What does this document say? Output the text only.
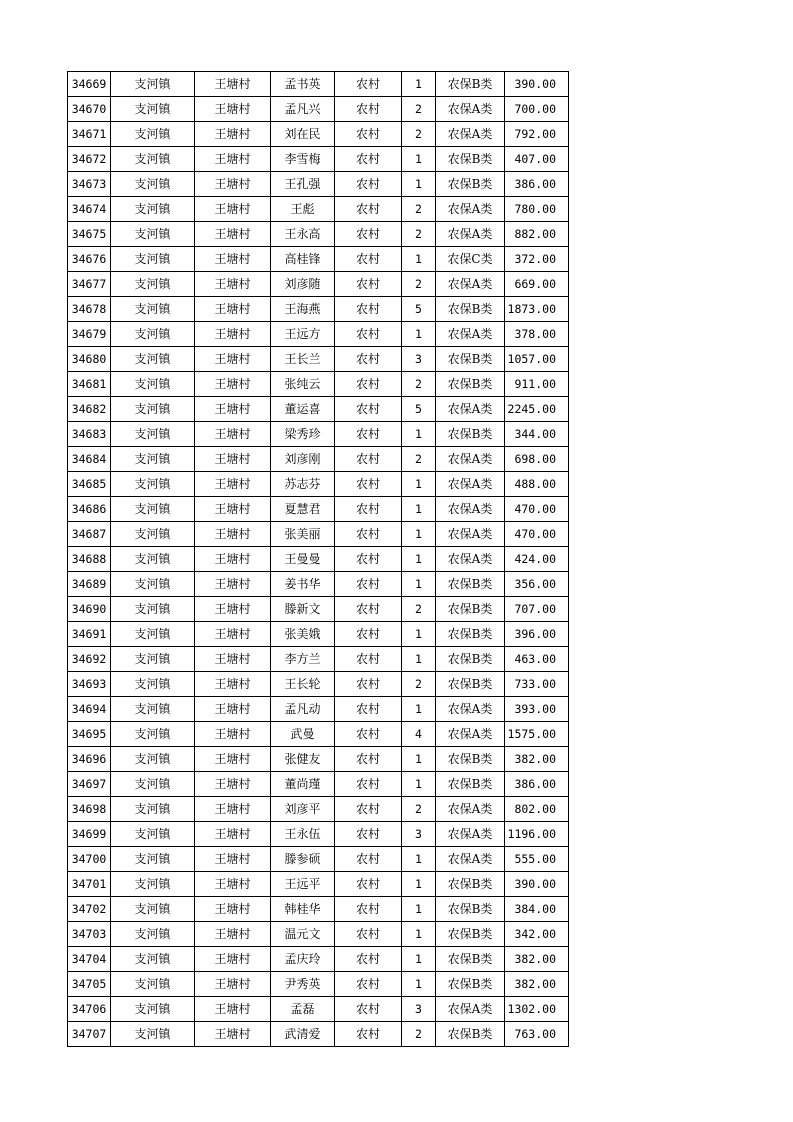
34669	支河镇	王塘村	孟书英	农村	1	农保B类	390.00
34670	支河镇	王塘村	孟凡兴	农村	2	农保A类	700.00
34671	支河镇	王塘村	刘在民	农村	2	农保A类	792.00
34672	支河镇	王塘村	李雪梅	农村	1	农保B类	407.00
34673	支河镇	王塘村	王孔强	农村	1	农保B类	386.00
34674	支河镇	王塘村	王彪	农村	2	农保A类	780.00
34675	支河镇	王塘村	王永高	农村	2	农保A类	882.00
34676	支河镇	王塘村	高桂锋	农村	1	农保C类	372.00
34677	支河镇	王塘村	刘彦随	农村	2	农保A类	669.00
34678	支河镇	王塘村	王海燕	农村	5	农保B类	1873.00
34679	支河镇	王塘村	王远方	农村	1	农保A类	378.00
34680	支河镇	王塘村	王长兰	农村	3	农保B类	1057.00
34681	支河镇	王塘村	张纯云	农村	2	农保B类	911.00
34682	支河镇	王塘村	董运喜	农村	5	农保A类	2245.00
34683	支河镇	王塘村	梁秀珍	农村	1	农保B类	344.00
34684	支河镇	王塘村	刘彦刚	农村	2	农保A类	698.00
34685	支河镇	王塘村	苏志芬	农村	1	农保A类	488.00
34686	支河镇	王塘村	夏慧君	农村	1	农保A类	470.00
34687	支河镇	王塘村	张美丽	农村	1	农保A类	470.00
34688	支河镇	王塘村	王曼曼	农村	1	农保A类	424.00
34689	支河镇	王塘村	姜书华	农村	1	农保B类	356.00
34690	支河镇	王塘村	滕新文	农村	2	农保B类	707.00
34691	支河镇	王塘村	张美娥	农村	1	农保B类	396.00
34692	支河镇	王塘村	李方兰	农村	1	农保B类	463.00
34693	支河镇	王塘村	王长轮	农村	2	农保B类	733.00
34694	支河镇	王塘村	孟凡动	农村	1	农保A类	393.00
34695	支河镇	王塘村	武曼	农村	4	农保A类	1575.00
34696	支河镇	王塘村	张健友	农村	1	农保B类	382.00
34697	支河镇	王塘村	董尚瑾	农村	1	农保B类	386.00
34698	支河镇	王塘村	刘彦平	农村	2	农保A类	802.00
34699	支河镇	王塘村	王永伍	农村	3	农保A类	1196.00
34700	支河镇	王塘村	滕参硕	农村	1	农保A类	555.00
34701	支河镇	王塘村	王远平	农村	1	农保B类	390.00
34702	支河镇	王塘村	韩桂华	农村	1	农保B类	384.00
34703	支河镇	王塘村	温元文	农村	1	农保B类	342.00
34704	支河镇	王塘村	孟庆玲	农村	1	农保B类	382.00
34705	支河镇	王塘村	尹秀英	农村	1	农保B类	382.00
34706	支河镇	王塘村	孟磊	农村	3	农保A类	1302.00
34707	支河镇	王塘村	武清爱	农村	2	农保B类	763.00
